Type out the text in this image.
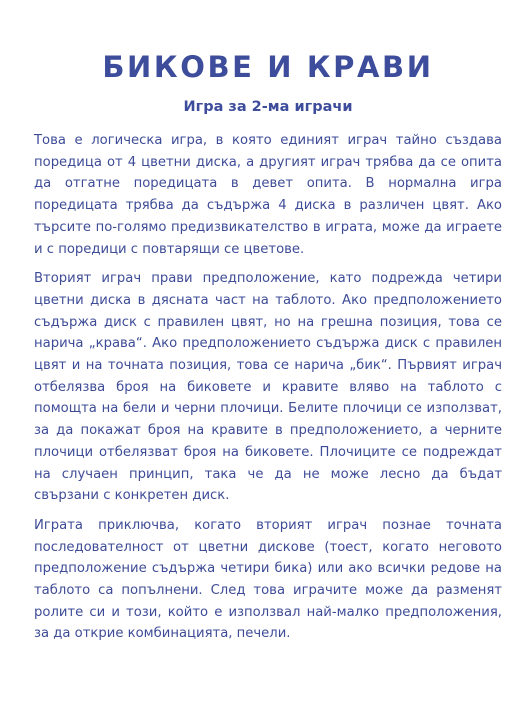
БИКОВЕ И КРАВИ
Игра за 2-ма играчи

Това е логическа игра, в която единият играч тайно създава поредица от 4 цветни диска, а другият играч трябва да се опита да отгатне поредицата в девет опита. В нормална игра поредицата трябва да съдържа 4 диска в различен цвят. Ако търсите по-голямо предизвикателство в играта, може да играете и с поредици с повтарящи се цветове.

Вторият играч прави предположение, като подрежда четири цветни диска в дясната част на таблото. Ако предположението съдържа диск с правилен цвят, но на грешна позиция, това се нарича „крава“. Ако предположението съдържа диск с правилен цвят и на точната позиция, това се нарича „бик“. Първият играч отбелязва броя на биковете и кравите вляво на таблото с помощта на бели и черни плочици. Белите плочици се използват, за да покажат броя на кравите в предположението, а черните плочици отбелязват броя на биковете. Плочиците се подреждат на случаен принцип, така че да не може лесно да бъдат свързани с конкретен диск.

Играта приключва, когато вторият играч познае точната последователност от цветни дискове (тоест, когато неговото предположение съдържа четири бика) или ако всички редове на таблото са попълнени. След това играчите може да разменят ролите си и този, който е използвал най-малко предположения, за да открие комбинацията, печели.
